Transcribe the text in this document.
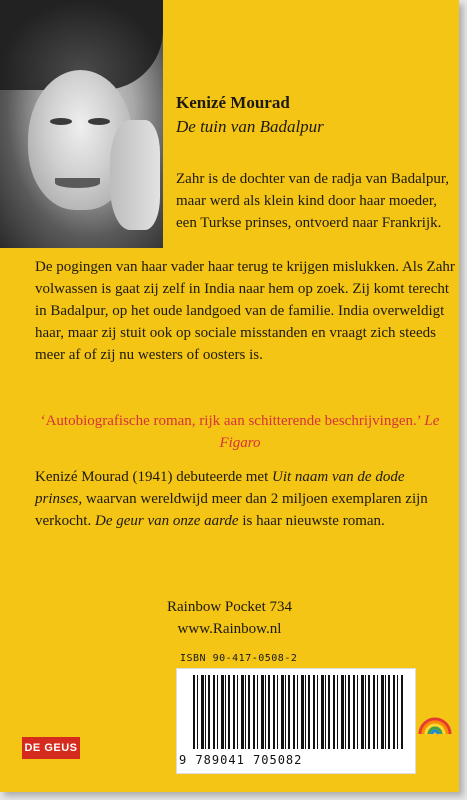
Kenizé Mourad
De tuin van Badalpur
Zahr is de dochter van de radja van Badalpur, maar werd als klein kind door haar moeder, een Turkse prinses, ontvoerd naar Frankrijk.
De pogingen van haar vader haar terug te krijgen mislukken. Als Zahr volwassen is gaat zij zelf in India naar hem op zoek. Zij komt terecht in Badalpur, op het oude landgoed van de familie. India overweldigt haar, maar zij stuit ook op sociale misstanden en vraagt zich steeds meer af of zij nu westers of oosters is.
‘Autobiografische roman, rijk aan schitterende beschrijvingen.’ Le Figaro
Kenizé Mourad (1941) debuteerde met Uit naam van de dode prinses, waarvan wereldwijd meer dan 2 miljoen exemplaren zijn verkocht. De geur van onze aarde is haar nieuwste roman.
Rainbow Pocket 734
www.Rainbow.nl
ISBN 90-417-0508-2
9 789041 705082
DE GEUS
